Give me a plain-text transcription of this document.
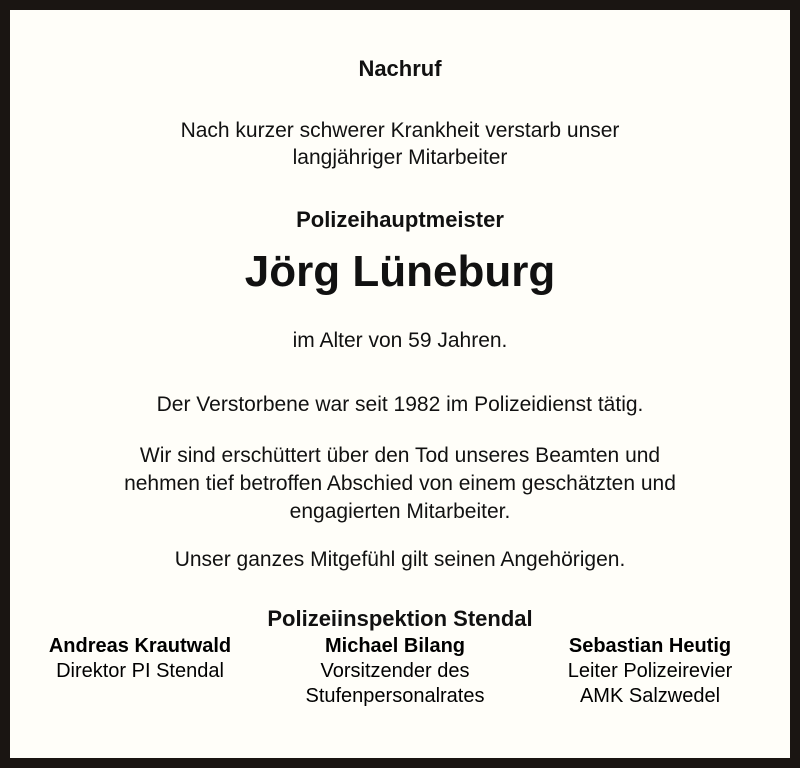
Nachruf
Nach kurzer schwerer Krankheit verstarb unser
langjähriger Mitarbeiter
Polizeihauptmeister
Jörg Lüneburg
im Alter von 59 Jahren.
Der Verstorbene war seit 1982 im Polizeidienst tätig.
Wir sind erschüttert über den Tod unseres Beamten und
nehmen tief betroffen Abschied von einem geschätzten und
engagierten Mitarbeiter.
Unser ganzes Mitgefühl gilt seinen Angehörigen.
Polizeiinspektion Stendal
Andreas Krautwald
Direktor PI Stendal
Michael Bilang
Vorsitzender des
Stufenpersonalrates
Sebastian Heutig
Leiter Polizeirevier
AMK Salzwedel
